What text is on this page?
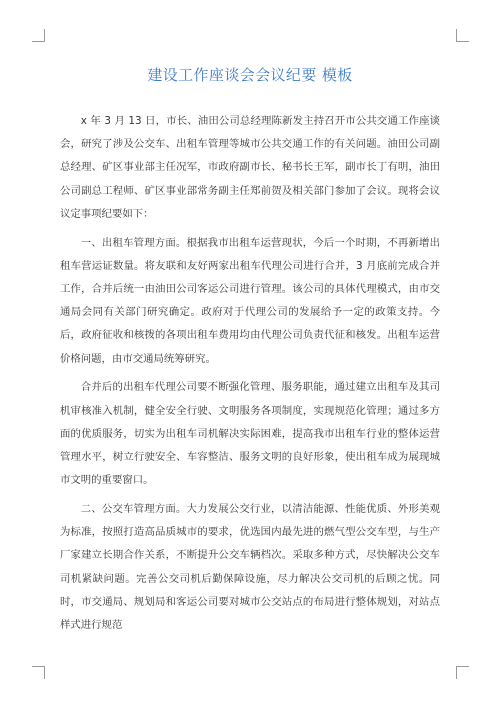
建设工作座谈会会议纪要 模板

x 年 3 月 13 日，市长、油田公司总经理陈新发主持召开市公共交通工作座谈会，研究了涉及公交车、出租车管理等城市公共交通工作的有关问题。油田公司副总经理、矿区事业部主任况军，市政府副市长、秘书长王军，副市长丁有明，油田公司副总工程师、矿区事业部常务副主任郑前贺及相关部门参加了会议。现将会议议定事项纪要如下：

一、出租车管理方面。根据我市出租车运营现状，今后一个时期，不再新增出租车营运证数量。将友联和友好两家出租车代理公司进行合并，3 月底前完成合并工作，合并后统一由油田公司客运公司进行管理。该公司的具体代理模式，由市交通局会同有关部门研究确定。政府对于代理公司的发展给予一定的政策支持。今后，政府征收和核拨的各项出租车费用均由代理公司负责代征和核发。出租车运营价格问题，由市交通局统筹研究。

合并后的出租车代理公司要不断强化管理、服务职能，通过建立出租车及其司机审核准入机制，健全安全行驶、文明服务各项制度，实现规范化管理；通过多方面的优质服务，切实为出租车司机解决实际困难，提高我市出租车行业的整体运营管理水平，树立行驶安全、车容整洁、服务文明的良好形象，使出租车成为展现城市文明的重要窗口。

二、公交车管理方面。大力发展公交行业，以清洁能源、性能优质、外形美观为标准，按照打造高品质城市的要求，优选国内最先进的燃气型公交车型，与生产厂家建立长期合作关系，不断提升公交车辆档次。采取多种方式，尽快解决公交车司机紧缺问题。完善公交司机后勤保障设施，尽力解决公交司机的后顾之忧。同时，市交通局、规划局和客运公司要对城市公交站点的布局进行整体规划，对站点样式进行规范
